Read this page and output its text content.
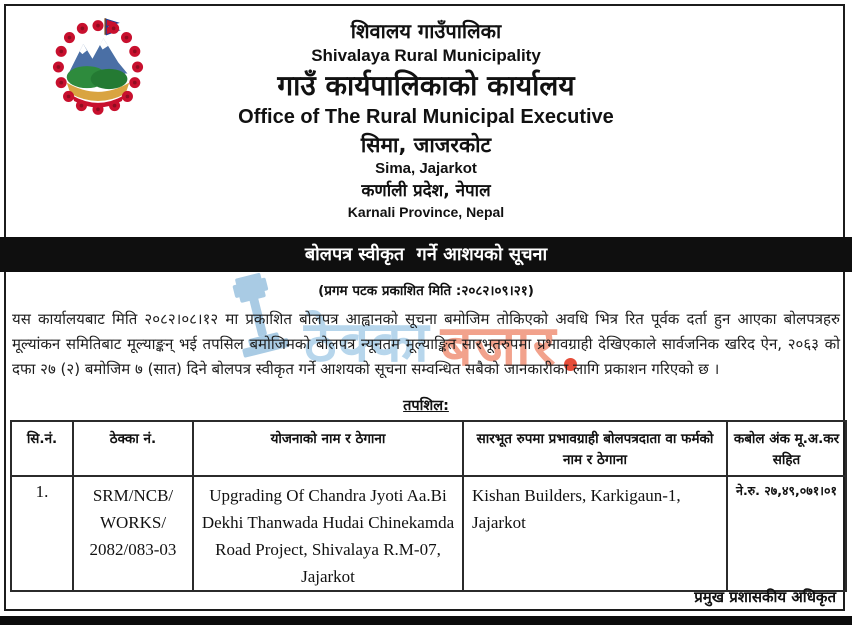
ठेक्का बजार
शिवालय गाउँपालिका
Shivalaya Rural Municipality
गाउँ कार्यपालिकाको कार्यालय
Office of The Rural Municipal Executive
सिमा, जाजरकोट
Sima, Jajarkot
कर्णाली प्रदेश, नेपाल
Karnali Province, Nepal
बोलपत्र स्वीकृत  गर्ने आशयको सूचना
(प्रगम पटक प्रकाशित मिति :२०८२।०९।२१)
यस कार्यालयबाट मिति २०८२।०८।१२ मा प्रकाशित बोलपत्र आह्वानको सूचना बमोजिम तोकिएको अवधि भित्र रित पूर्वक दर्ता हुन आएका बोलपत्रहरु मूल्यांकन समितिबाट मूल्याङ्कन् भई तपसिल बमोजिमको बोलपत्र न्यूनतम मूल्याङ्कित सारभूतरुपमा प्रभावग्राही देखिएकाले सार्वजनिक खरिद ऐन, २०६३ को दफा २७ (२) बमोजिम ७ (सात) दिने बोलपत्र स्वीकृत गर्ने आशयको सूचना सम्वन्धित सबैको जानकारीका लागि प्रकाशन गरिएको छ ।
तपशिल:
सि.नं.	ठेक्का नं.	योजनाको नाम र ठेगाना	सारभूत रुपमा प्रभावग्राही बोलपत्रदाता वा फर्मको नाम र ठेगाना	कबोल अंक मू.अ.कर सहित
1.	SRM/NCB/ WORKS/ 2082/083-03	Upgrading Of Chandra Jyoti Aa.Bi Dekhi Thanwada Hudai Chinekamda Road Project, Shivalaya R.M-07, Jajarkot	Kishan Builders, Karkigaun-1, Jajarkot	ने.रु. २७,४९,०७१।०१
प्रमुख प्रशासकीय अधिकृत
